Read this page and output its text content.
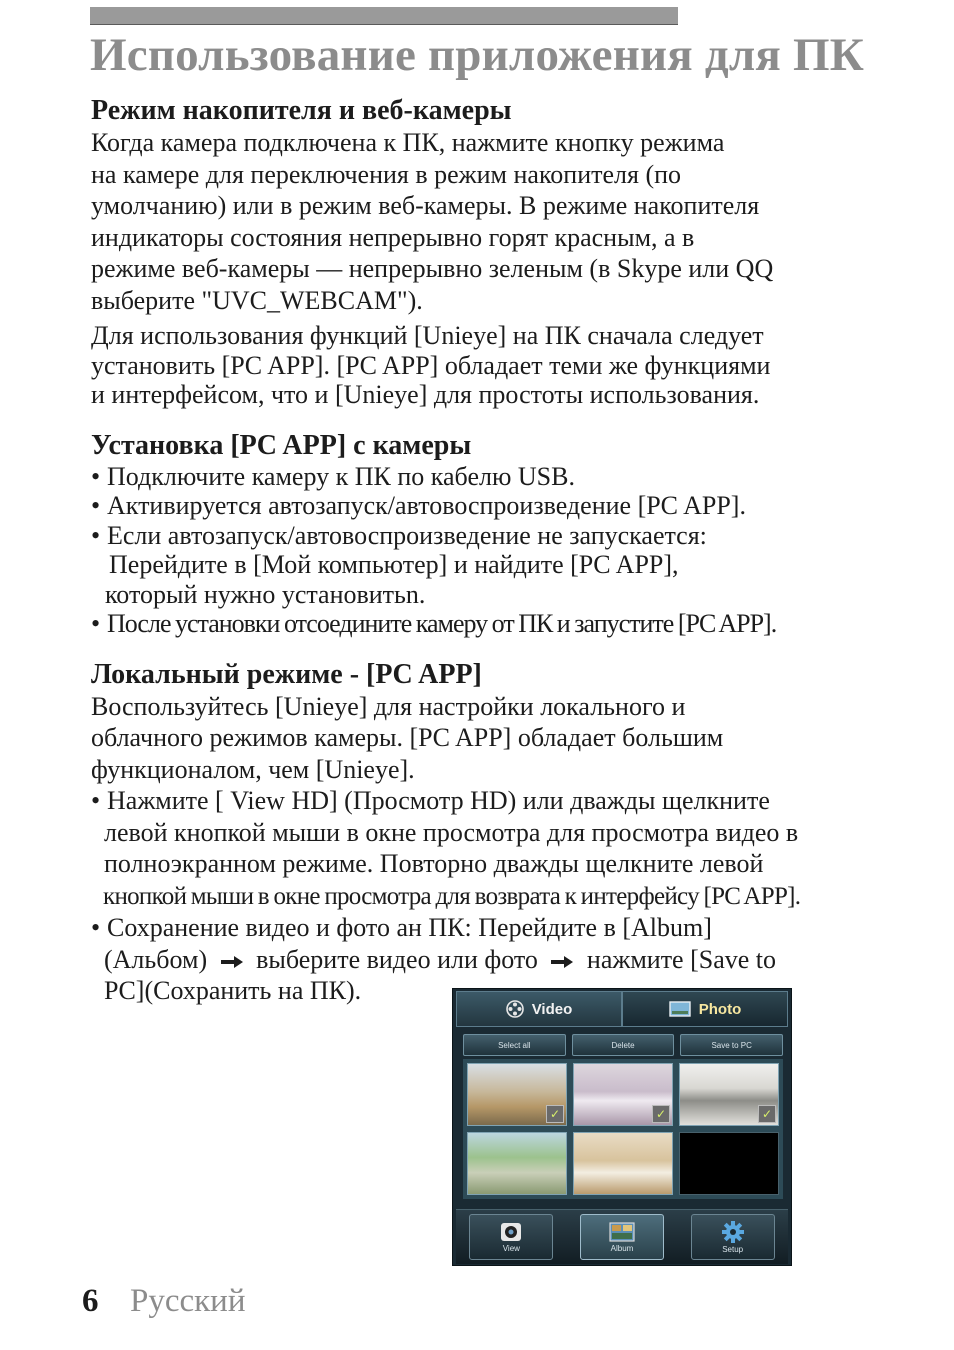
Использование приложения для ПК
Режим накопителя и веб-камеры

Когда камера подключена к ПК, нажмите кнопку режима
на камере для переключения в режим накопителя (по
умолчанию) или в режим веб-камеры. В режиме накопителя
индикаторы состояния непрерывно горят красным, а в
режиме веб-камеры — непрерывно зеленым (в Skype или QQ
выберите "UVC_WEBCAM").

Для использования функций [Unieye] на ПК сначала следует
установить [PC APP]. [PC APP] обладает теми же функциями
и интерфейсом, что и [Unieye] для простоты использования.

Установка [PC APP] с камеры
• Подключите камеру к ПК по кабелю USB.
• Активируется автозапуск/автовоспроизведение [PC APP].
• Если автозапуск/автовоспроизведение не запускается:
Перейдите в [Мой компьютер] и найдите [PC APP],
который нужно установитьn.
• После установки отсоедините камеру от ПК и запустите [PC APP].
Локальный режиме - [PC APP]

Воспользуйтесь [Unieye] для настройки локального и
облачного режимов камеры. [PC APP] обладает большим
функционалом, чем [Unieye].

• Нажмите [ View HD] (Просмотр HD) или дважды щелкните
левой кнопкой мыши в окне просмотра для просмотра видео в
полноэкранном режиме. Повторно дважды щелкните левой
кнопкой мыши в окне просмотра для возврата к интерфейсу [PC APP].
• Сохранение видео и фото ан ПК: Перейдите в [Album]
(Альбом) выберите видео или фото нажмите [Save to
PC](Сохранить на ПК).
Video	Photo
Select all	Delete	Save to PC
✓	✓	✓
View	Album	Setup
6 Русский
